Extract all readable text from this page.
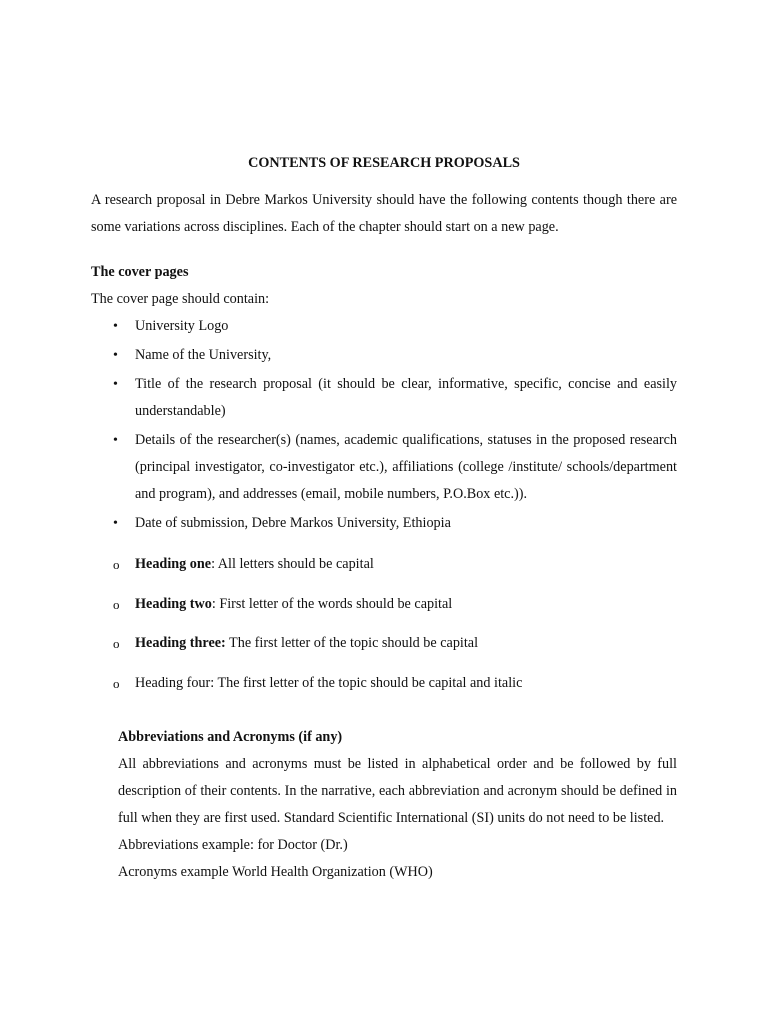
CONTENTS OF RESEARCH PROPOSALS
A research proposal in Debre Markos University should have the following contents though there are some variations across disciplines. Each of the chapter should start on a new page.
The cover pages
The cover page should contain:
• University Logo
• Name of the University,
• Title of the research proposal (it should be clear, informative, specific, concise and easily understandable)
• Details of the researcher(s) (names, academic qualifications, statuses in the proposed research (principal investigator, co-investigator etc.), affiliations (college /institute/ schools/department and program), and addresses (email, mobile numbers, P.O.Box etc.)).
• Date of submission, Debre Markos University, Ethiopia
o Heading one: All letters should be capital
o Heading two: First letter of the words should be capital
o Heading three: The first letter of the topic should be capital
o Heading four: The first letter of the topic should be capital and italic
Abbreviations and Acronyms (if any)
All abbreviations and acronyms must be listed in alphabetical order and be followed by full description of their contents. In the narrative, each abbreviation and acronym should be defined in full when they are first used. Standard Scientific International (SI) units do not need to be listed.
Abbreviations example: for Doctor (Dr.)
Acronyms example World Health Organization (WHO)
